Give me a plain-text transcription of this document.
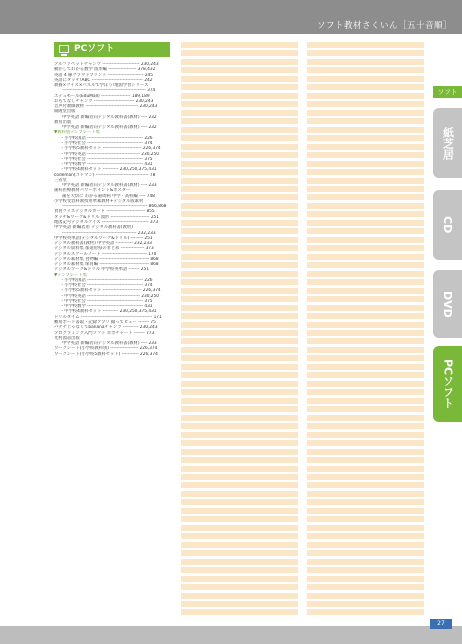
ソフト教材さくいん［五十音順］
27
PCソフト
アルファベットチャンツ ------------------------ 230,243
動かしてわかる数学 図形編 ------------------ 378,432
英語 4 線クラウドプリント ----------------------- 245
英語にタッチ!ABC --------------------------------- 242
教養×クイズ×パズルで学ぼう!地図学習シリーズ
------------------------------------------------------ 374
エデュモール(EduMall) ------------------- 189,189
おもてなしチャンツ -------------------------- 230,243
音声付教師教材 ---------------------------------- 230,243
開隆堂出版
中学英語 新編者向デジタル教科書(教材) ---- 232
教育出版
中学英語 新編者向デジタル教科書(教材) ---- 232
▼教科別テンプレート集
・小学校国語 ------------------------------------ 226
・小学校社会 ------------------------------------ 374
・小学校5教科セット ------------------------- 226,374
・中学校英語 ---------------------------------- 230,250
・中学校社会 ------------------------------------ 375
・中学校数学 ------------------------------------ 431
・中学校4教科セット ---------- 230,250,375,431
codeman(コドマン) ---------------------------------- 78
三省堂
中学英語 新編者向デジタル教科書(教材) ---- 233
歯科医療教材パワーポイント&ポスター
歯を大切に わかる歯周病 中学・高校編 ---- 748
小学校受容科教授用準素教材+デジタル版素材
------------------------------------------------------- 866,868
食育クイズデジタルカード ------------------------- 855
タッチ&ワーク&ドリル 図形 ------------------------- 251
地図記号デジタルクイズ ------------------------------ 373
中学英語 新編者用 デジタル教科書(教材)
------------------------------------------------ 232,233
中学校英単語(デジタルワーク&ドリル) -------- 251
デジタル教科書(教材) 中学英語 ----------- 232,233
デジタル資料集 都道府県のまとめ --------------- 373
デジタルスクールノート ----------------------------- 170
デジタル素材集 食物編 -------------------------------- 868
デジタル素材集 保育編 -------------------------------- 868
デジタルワーク&ドリル 中学校英単語 ------- 251
▼テンプレート集
・小学校国語 ------------------------------------ 226
・小学校社会 ------------------------------------ 374
・小学校5教科セット ------------------------- 226,374
・中学校英語 ---------------------------------- 230,250
・中学校社会 ------------------------------------ 375
・中学校数学 ------------------------------------ 431
・中学校4教科セット ---------- 230,250,375,431
ドリルタイム ---------------------------------------------- 171
難易ボード書取・記録アプリ 撮ってビュー ------- 75
バナナじゃなくてbananaチャンツ ---------- 230,243
プログラミング入門ソフト ロボチャート ------- 773
光村図書出版
中学英語 新編者向デジタル教科書(教材) ---- 233
ワークシート(小学校教科別) ------------------ 226,374
ワークシート(小学校5教科セット) ----------- 226,374
ソフト
紙芝居
CD
DVD
PCソフト
